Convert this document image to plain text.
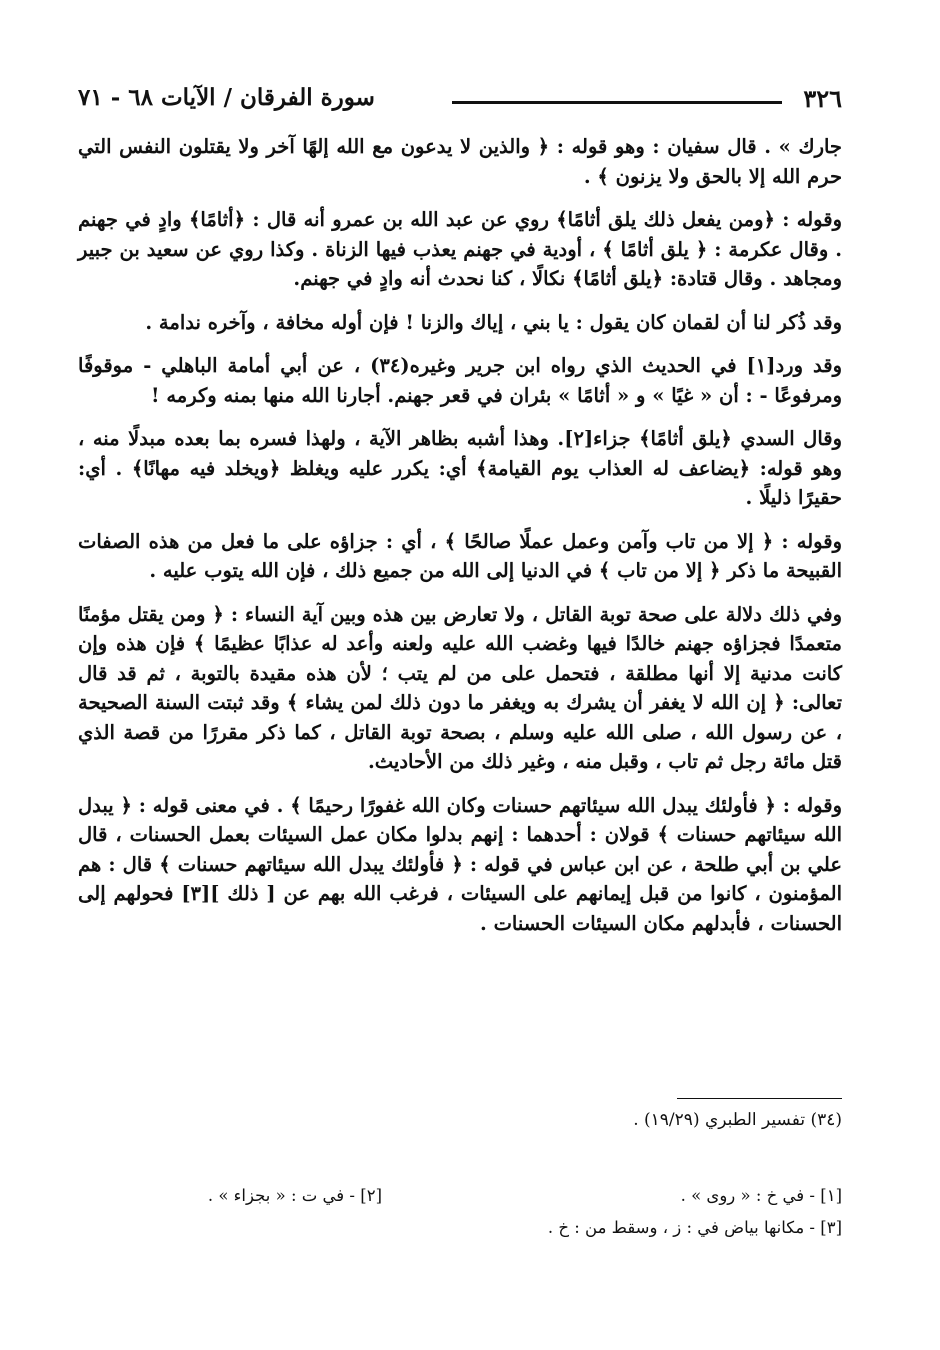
٣٢٦
سورة الفرقان / الآيات ٦٨ - ٧١

جارك » . قال سفيان : وهو قوله : ﴿ والذين لا يدعون مع الله إلهًا آخر ولا يقتلون النفس التي حرم الله إلا بالحق ولا يزنون ﴾ .

وقوله : ﴿ومن يفعل ذلك يلق أثامًا﴾ روي عن عبد الله بن عمرو أنه قال : ﴿أثامًا﴾ وادٍ في جهنم . وقال عكرمة : ﴿ يلق أثامًا ﴾ ، أودية في جهنم يعذب فيها الزناة . وكذا روي عن سعيد بن جبير ومجاهد . وقال قتادة: ﴿يلق أثامًا﴾ نكالًا ، كنا نحدث أنه وادٍ في جهنم.

وقد ذُكر لنا أن لقمان كان يقول : يا بني ، إياك والزنا ! فإن أوله مخافة ، وآخره ندامة .

وقد ورد[١] في الحديث الذي رواه ابن جرير وغيره(٣٤) ، عن أبي أمامة الباهلي - موقوفًا ومرفوعًا - : أن « غيًا » و « أثامًا » بئران في قعر جهنم. أجارنا الله منها بمنه وكرمه !

وقال السدي ﴿يلق أثامًا﴾ جزاء[٢]. وهذا أشبه بظاهر الآية ، ولهذا فسره بما بعده مبدلًا منه ، وهو قوله: ﴿يضاعف له العذاب يوم القيامة﴾ أي: يكرر عليه ويغلظ ﴿ويخلد فيه مهانًا﴾ . أي: حقيرًا ذليلًا .

وقوله : ﴿ إلا من تاب وآمن وعمل عملًا صالحًا ﴾ ، أي : جزاؤه على ما فعل من هذه الصفات القبيحة ما ذكر ﴿ إلا من تاب ﴾ في الدنيا إلى الله من جميع ذلك ، فإن الله يتوب عليه .

وفي ذلك دلالة على صحة توبة القاتل ، ولا تعارض بين هذه وبين آية النساء : ﴿ ومن يقتل مؤمنًا متعمدًا فجزاؤه جهنم خالدًا فيها وغضب الله عليه ولعنه وأعد له عذابًا عظيمًا ﴾ فإن هذه وإن كانت مدنية إلا أنها مطلقة ، فتحمل على من لم يتب ؛ لأن هذه مقيدة بالتوبة ، ثم قد قال تعالى: ﴿ إن الله لا يغفر أن يشرك به ويغفر ما دون ذلك لمن يشاء ﴾ وقد ثبتت السنة الصحيحة ، عن رسول الله ، صلى الله عليه وسلم ، بصحة توبة القاتل ، كما ذكر مقررًا من قصة الذي قتل مائة رجل ثم تاب ، وقبل منه ، وغير ذلك من الأحاديث.

وقوله : ﴿ فأولئك يبدل الله سيئاتهم حسنات وكان الله غفورًا رحيمًا ﴾ . في معنى قوله : ﴿ يبدل الله سيئاتهم حسنات ﴾ قولان : أحدهما : إنهم بدلوا مكان عمل السيئات بعمل الحسنات ، قال علي بن أبي طلحة ، عن ابن عباس في قوله : ﴿ فأولئك يبدل الله سيئاتهم حسنات ﴾ قال : هم المؤمنون ، كانوا من قبل إيمانهم على السيئات ، فرغب الله بهم عن [ ذلك ][٣] فحولهم إلى الحسنات ، فأبدلهم مكان السيئات الحسنات .

(٣٤) تفسير الطبري (١٩/٢٩) .
[١] - في خ : « روى » .
[٢] - في ت : « بجزاء » .
[٣] - مكانها بياض في : ز ، وسقط من : خ .
